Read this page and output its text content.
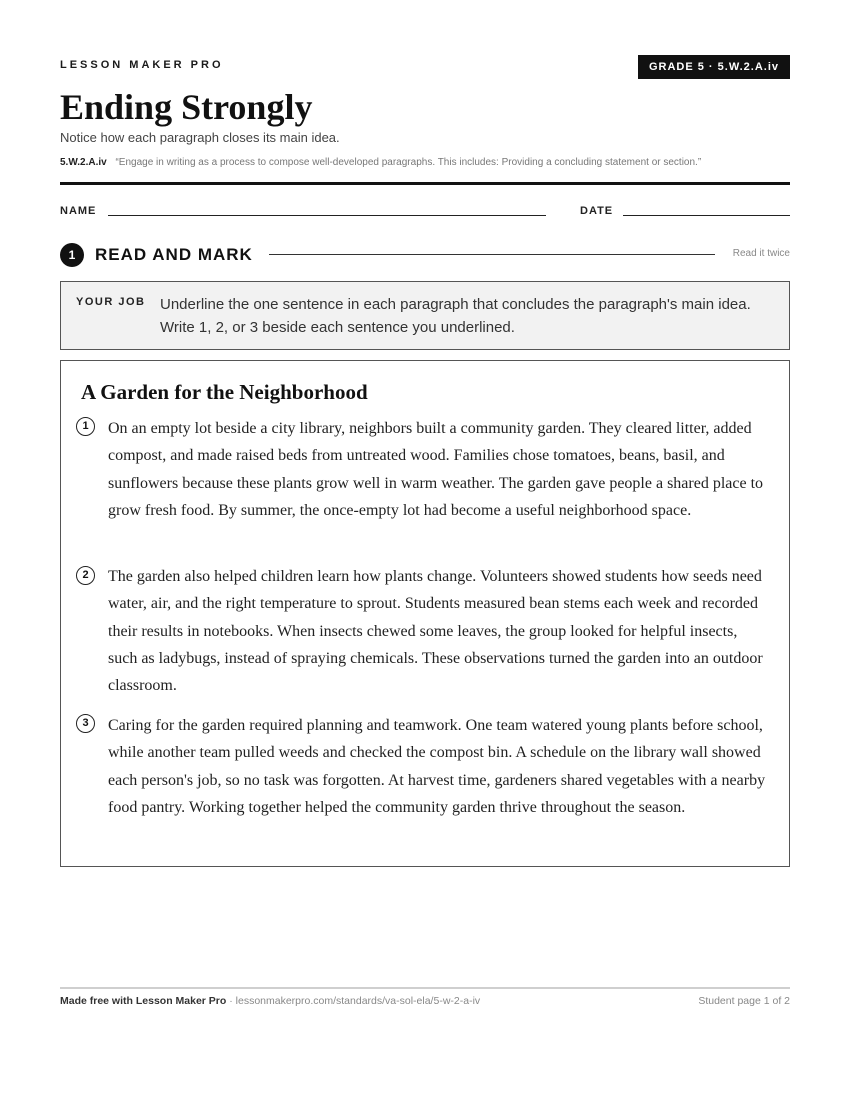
LESSON MAKER PRO	GRADE 5 · 5.W.2.A.iv
Ending Strongly
Notice how each paragraph closes its main idea.
5.W.2.A.iv “Engage in writing as a process to compose well-developed paragraphs. This includes: Providing a concluding statement or section.”
NAME	DATE
1	READ AND MARK	Read it twice
YOUR JOB Underline the one sentence in each paragraph that concludes the paragraph's main idea. Write 1, 2, or 3 beside each sentence you underlined.
A Garden for the Neighborhood
1	On an empty lot beside a city library, neighbors built a community garden. They cleared litter, added compost, and made raised beds from untreated wood. Families chose tomatoes, beans, basil, and sunflowers because these plants grow well in warm weather. The garden gave people a shared place to grow fresh food. By summer, the once-empty lot had become a useful neighborhood space.

2	The garden also helped children learn how plants change. Volunteers showed students how seeds need water, air, and the right temperature to sprout. Students measured bean stems each week and recorded their results in notebooks. When insects chewed some leaves, the group looked for helpful insects, such as ladybugs, instead of spraying chemicals. These observations turned the garden into an outdoor classroom.

3	Caring for the garden required planning and teamwork. One team watered young plants before school, while another team pulled weeds and checked the compost bin. A schedule on the library wall showed each person's job, so no task was forgotten. At harvest time, gardeners shared vegetables with a nearby food pantry. Working together helped the community garden thrive throughout the season.

Made free with Lesson Maker Pro · lessonmakerpro.com/standards/va-sol-ela/5-w-2-a-iv	Student page 1 of 2
